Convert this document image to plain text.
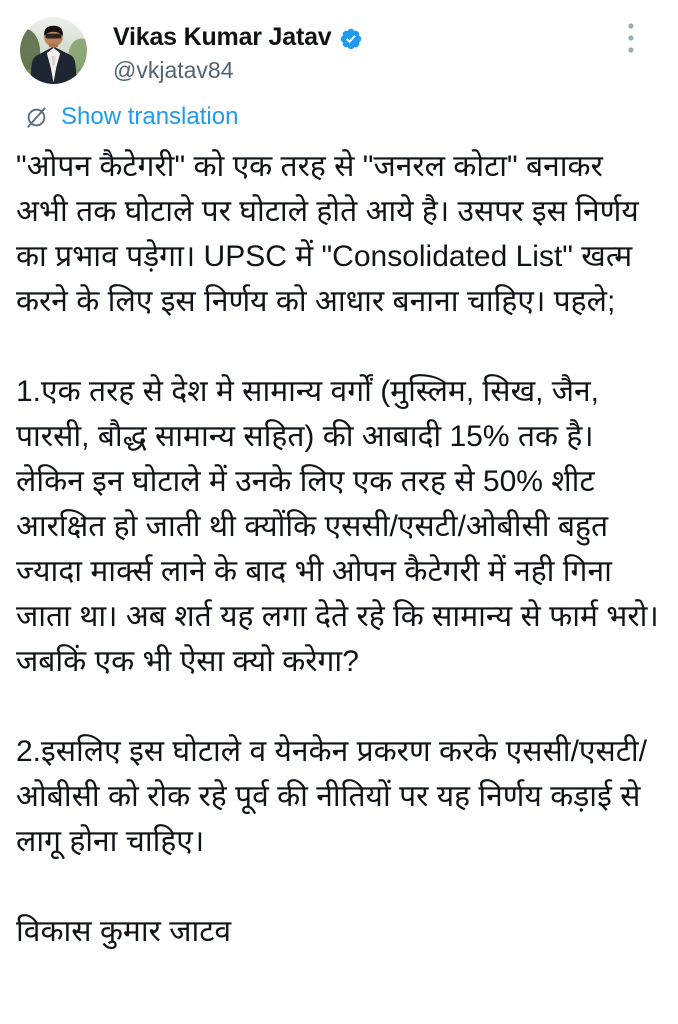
Vikas Kumar Jatav
@vkjatav84
Show translation

"ओपन कैटेगरी" को एक तरह से "जनरल कोटा" बनाकर अभी तक घोटाले पर घोटाले होते आये है। उसपर इस निर्णय का प्रभाव पड़ेगा। UPSC में "Consolidated List" खत्म करने के लिए इस निर्णय को आधार बनाना चाहिए। पहले;

1.एक तरह से देश मे सामान्य वर्गों (मुस्लिम, सिख, जैन, पारसी, बौद्ध सामान्य सहित) की आबादी 15% तक है। लेकिन इन घोटाले में उनके लिए एक तरह से 50% शीट आरक्षित हो जाती थी क्योंकि एससी/एसटी/ओबीसी बहुत ज्यादा मार्क्स लाने के बाद भी ओपन कैटेगरी में नही गिना जाता था। अब शर्त यह लगा देते रहे कि सामान्य से फार्म भरो। जबकिं एक भी ऐसा क्यो करेगा?

2.इसलिए इस घोटाले व येनकेन प्रकरण करके एससी/एसटी/ओबीसी को रोक रहे पूर्व की नीतियों पर यह निर्णय कड़ाई से लागू होना चाहिए।

विकास कुमार जाटव
